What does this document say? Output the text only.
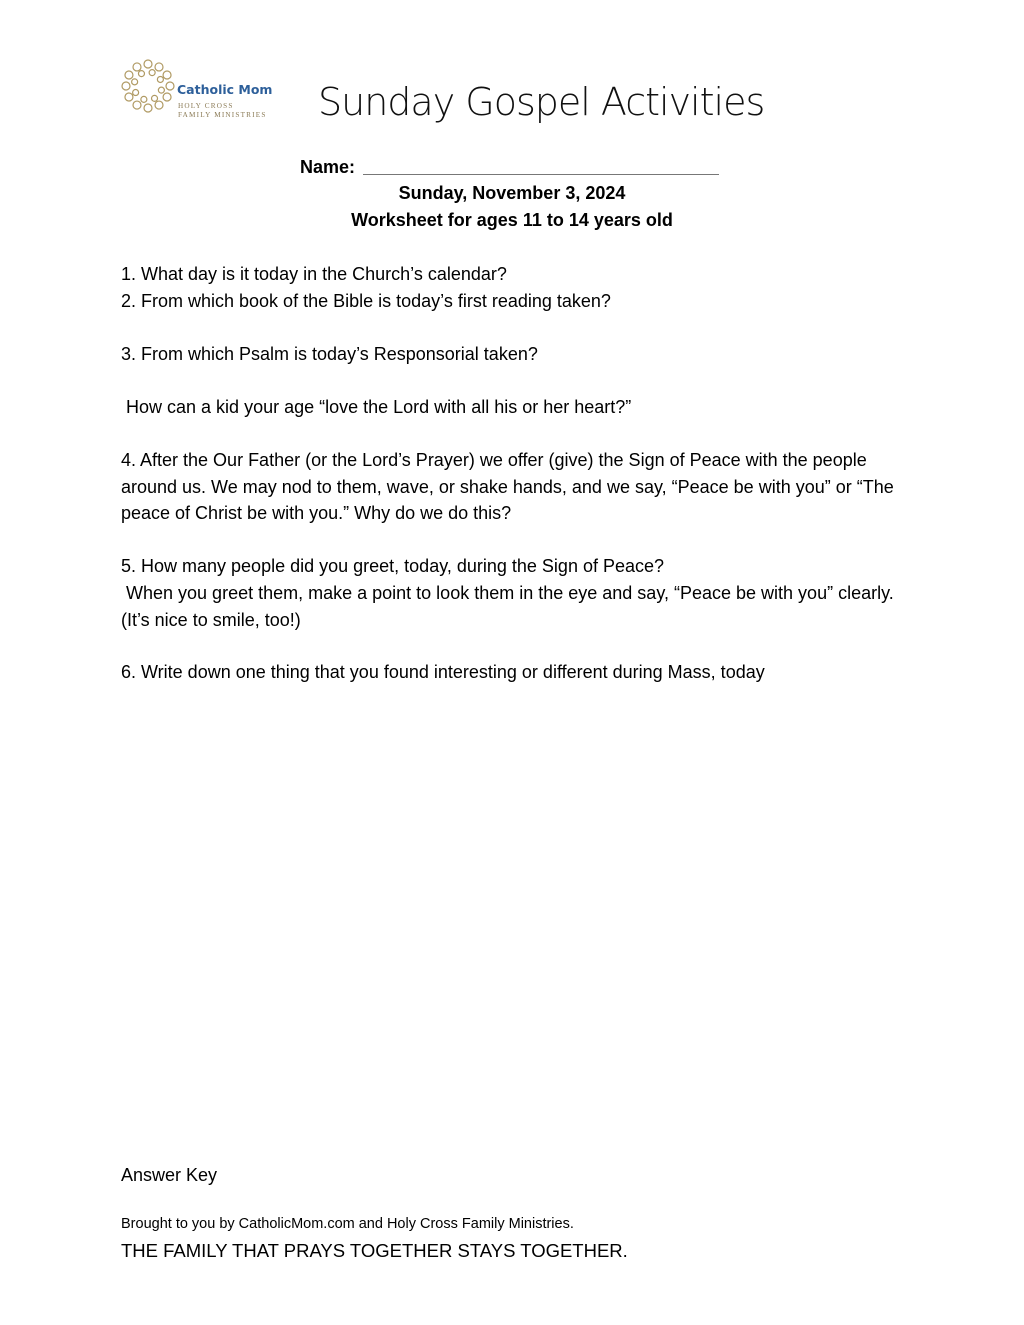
Catholic Mom
HOLY CROSS
FAMILY MINISTRIES Sunday Gospel Activities
Name:
Sunday, November 3, 2024
Worksheet for ages 11 to 14 years old
1. What day is it today in the Church’s calendar?
2. From which book of the Bible is today’s first reading taken?
3. From which Psalm is today’s Responsorial taken?
How can a kid your age “love the Lord with all his or her heart?”
4. After the Our Father (or the Lord’s Prayer) we offer (give) the Sign of Peace with the people around us. We may nod to them, wave, or shake hands, and we say, “Peace be with you” or “The peace of Christ be with you.” Why do we do this?
5. How many people did you greet, today, during the Sign of Peace?
When you greet them, make a point to look them in the eye and say, “Peace be with you” clearly. (It’s nice to smile, too!)
6. Write down one thing that you found interesting or different during Mass, today
Answer Key
Brought to you by CatholicMom.com and Holy Cross Family Ministries.
THE FAMILY THAT PRAYS TOGETHER STAYS TOGETHER.
